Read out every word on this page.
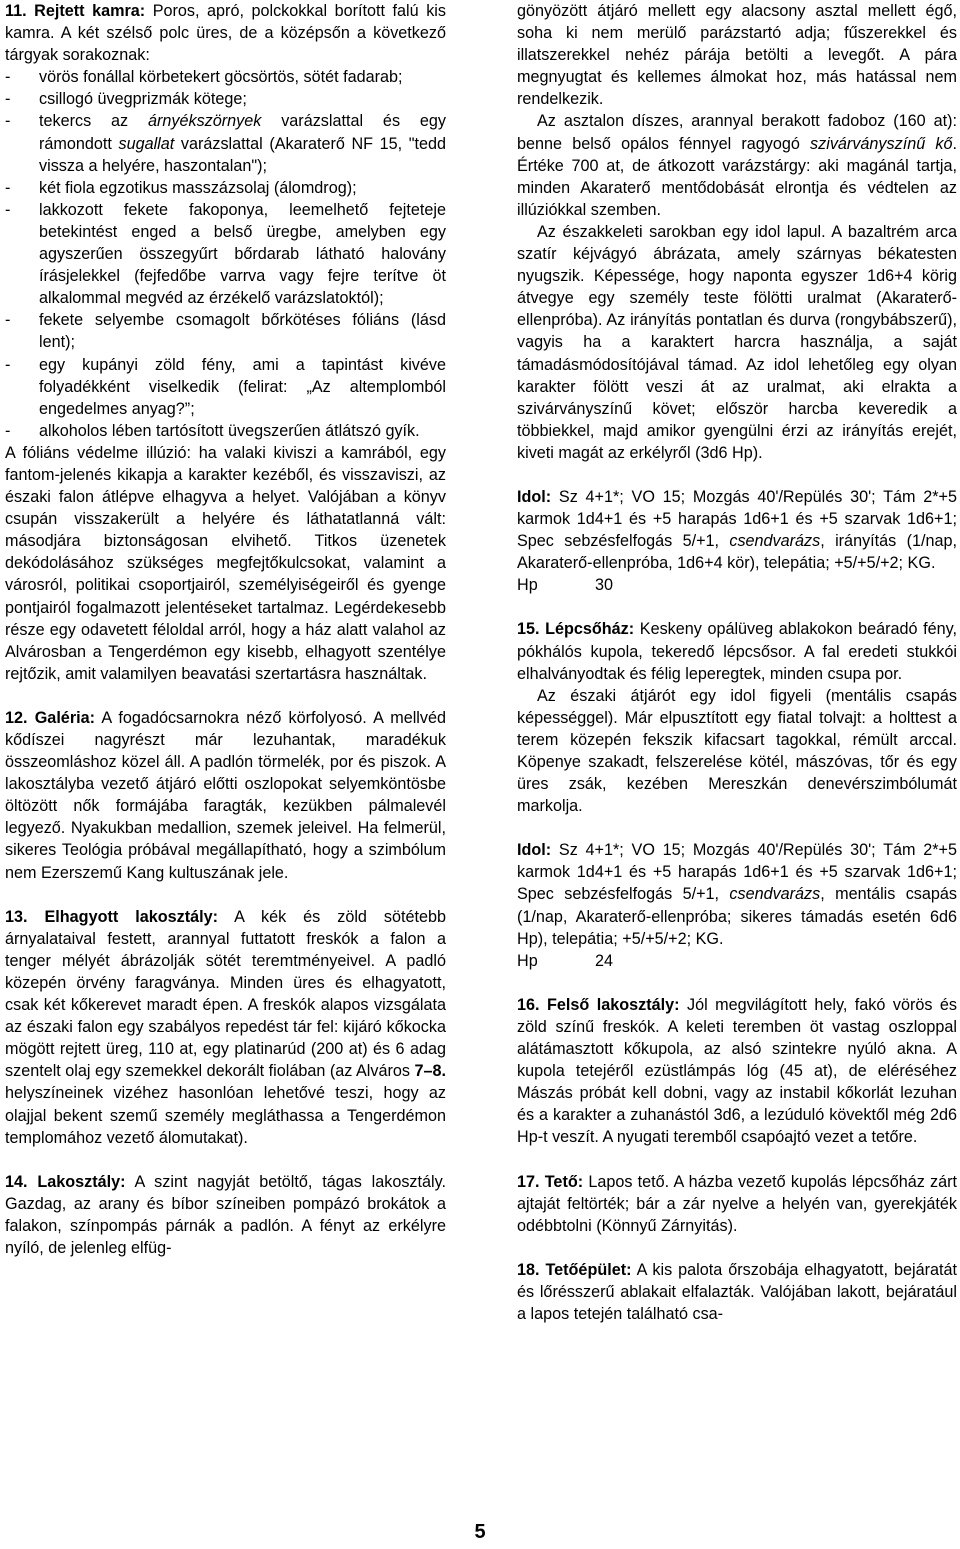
11. Rejtett kamra: Poros, apró, polckokkal borított falú kis kamra. A két szélső polc üres, de a középsőn a következő tárgyak sorakoznak:

-	vörös fonállal körbetekert göcsörtös, sötét fadarab;
-	csillogó üvegprizmák kötege;
-	tekercs az árnyékszörnyek varázslattal és egy rámondott sugallat varázslattal (Akaraterő NF 15, "tedd vissza a helyére, haszontalan");
-	két fiola egzotikus masszázsolaj (álomdrog);
-	lakkozott fekete fakoponya, leemelhető fejteteje betekintést enged a belső üregbe, amelyben egy agyszerűen összegyűrt bőrdarab látható halovány írásjelekkel (fejfedőbe varrva vagy fejre terítve öt alkalommal megvéd az érzékelő varázslatoktól);
-	fekete selyembe csomagolt bőrkötéses fóliáns (lásd lent);
-	egy kupányi zöld fény, ami a tapintást kivéve folyadékként viselkedik (felirat: „Az altemplomból engedelmes anyag?”;
-	alkoholos lében tartósított üvegszerűen átlátszó gyík.

A fóliáns védelme illúzió: ha valaki kiviszi a kamrából, egy fantom-jelenés kikapja a karakter kezéből, és visszaviszi, az északi falon átlépve elhagyva a helyet. Valójában a könyv csupán visszakerült a helyére és láthatatlanná vált: másodjára biztonságosan elvihető. Titkos üzenetek dekódolásához szükséges megfejtőkulcsokat, valamint a városról, politikai csoportjairól, személyiségeiről és gyenge pontjairól fogalmazott jelentéseket tartalmaz. Legérdekesebb része egy odavetett féloldal arról, hogy a ház alatt valahol az Alvárosban a Tengerdémon egy kisebb, elhagyott szentélye rejtőzik, amit valamilyen beavatási szertartásra használtak.

12. Galéria: A fogadócsarnokra néző körfolyosó. A mellvéd kődíszei nagyrészt már lezuhantak, maradékuk összeomláshoz közel áll. A padlón törmelék, por és piszok. A lakosztályba vezető átjáró előtti oszlopokat selyemköntösbe öltözött nők formájába faragták, kezükben pálmalevél legyező. Nyakukban medallion, szemek jeleivel. Ha felmerül, sikeres Teológia próbával megállapítható, hogy a szimbólum nem Ezerszemű Kang kultuszának jele.

13. Elhagyott lakosztály: A kék és zöld sötétebb árnyalataival festett, arannyal futtatott freskók a falon a tenger mélyét ábrázolják sötét teremtményeivel. A padló közepén örvény faragványa. Minden üres és elhagyatott, csak két kőkerevet maradt épen. A freskók alapos vizsgálata az északi falon egy szabályos repedést tár fel: kijáró kőkocka mögött rejtett üreg, 110 at, egy platinarúd (200 at) és 6 adag szentelt olaj egy szemekkel dekorált fiolában (az Alváros 7–8. helyszíneinek vizéhez hasonlóan lehetővé teszi, hogy az olajjal bekent szemű személy megláthassa a Tengerdémon templomához vezető álomutakat).

14. Lakosztály: A szint nagyját betöltő, tágas lakosztály. Gazdag, az arany és bíbor színeiben pompázó brokátok a falakon, színpompás párnák a padlón. A fényt az erkélyre nyíló, de jelenleg elfüg-

gönyözött átjáró mellett egy alacsony asztal mellett égő, soha ki nem merülő parázstartó adja; fűszerekkel és illatszerekkel nehéz párája betölti a levegőt. A pára megnyugtat és kellemes álmokat hoz, más hatással nem rendelkezik.

Az asztalon díszes, arannyal berakott fadoboz (160 at): benne belső opálos fénnyel ragyogó szivárványszínű kő. Értéke 700 at, de átkozott varázstárgy: aki magánál tartja, minden Akaraterő mentődobását elrontja és védtelen az illúziókkal szemben.

Az északkeleti sarokban egy idol lapul. A bazaltrém arca szatír kéjvágyó ábrázata, amely szárnyas békatesten nyugszik. Képessége, hogy naponta egyszer 1d6+4 körig átvegye egy személy teste fölötti uralmat (Akaraterő-ellenpróba). Az irányítás pontatlan és durva (rongybábszerű), vagyis ha a karaktert harcra használja, a saját támadásmódosítójával támad. Az idol lehetőleg egy olyan karakter fölött veszi át az uralmat, aki elrakta a szivárványszínű követ; először harcba keveredik a többiekkel, majd amikor gyengülni érzi az irányítás erejét, kiveti magát az erkélyről (3d6 Hp).

Idol: Sz 4+1*; VO 15; Mozgás 40'/Repülés 30'; Tám 2*+5 karmok 1d4+1 és +5 harapás 1d6+1 és +5 szarvak 1d6+1; Spec sebzésfelfogás 5/+1, csendvarázs, irányítás (1/nap, Akaraterő-ellenpróba, 1d6+4 kör), telepátia; +5/+5/+2; KG.

Hp	30

15. Lépcsőház: Keskeny opálüveg ablakokon beáradó fény, pókhálós kupola, tekeredő lépcsősor. A fal eredeti stukkói elhalványodtak és félig leperegtek, minden csupa por.

Az északi átjárót egy idol figyeli (mentális csapás képességgel). Már elpusztított egy fiatal tolvajt: a holttest a terem közepén fekszik kifacsart tagokkal, rémült arccal. Köpenye szakadt, felszerelése kötél, mászóvas, tőr és egy üres zsák, kezében Mereszkán denevérszimbólumát markolja.

Idol: Sz 4+1*; VO 15; Mozgás 40'/Repülés 30'; Tám 2*+5 karmok 1d4+1 és +5 harapás 1d6+1 és +5 szarvak 1d6+1; Spec sebzésfelfogás 5/+1, csendvarázs, mentális csapás (1/nap, Akaraterő-ellenpróba; sikeres támadás esetén 6d6 Hp), telepátia; +5/+5/+2; KG.

Hp	24

16. Felső lakosztály: Jól megvilágított hely, fakó vörös és zöld színű freskók. A keleti teremben öt vastag oszloppal alátámasztott kőkupola, az alsó szintekre nyúló akna. A kupola tetejéről ezüstlámpás lóg (45 at), de eléréséhez Mászás próbát kell dobni, vagy az instabil kőkorlát lezuhan és a karakter a zuhanástól 3d6, a lezúduló kövektől még 2d6 Hp-t veszít. A nyugati teremből csapóajtó vezet a tetőre.

17. Tető: Lapos tető. A házba vezető kupolás lépcsőház zárt ajtaját feltörték; bár a zár nyelve a helyén van, gyerekjáték odébbtolni (Könnyű Zárnyitás).

18. Tetőépület: A kis palota őrszobája elhagyatott, bejáratát és lőrésszerű ablakait elfalazták. Valójában lakott, bejáratául a lapos tetején található csa-

5
